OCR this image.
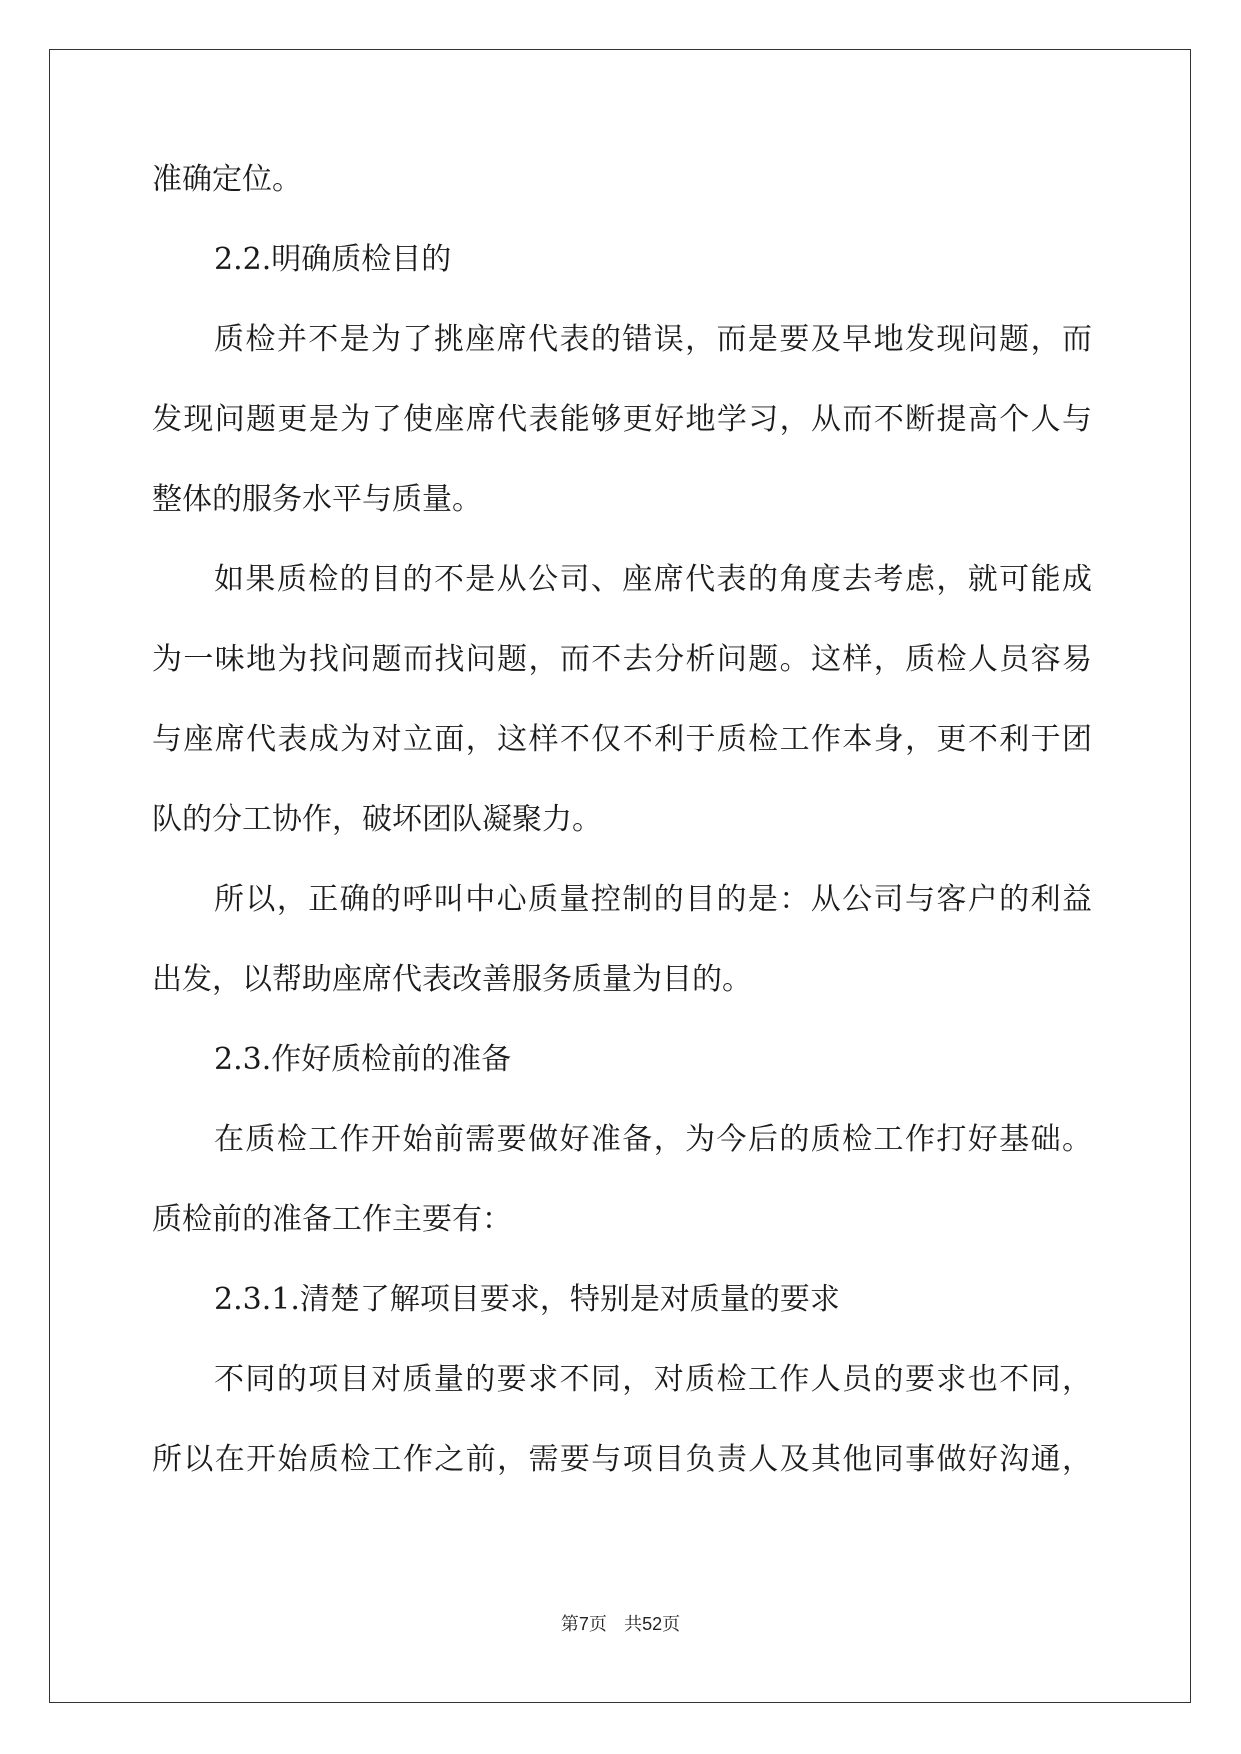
准确定位。
2.2.明确质检目的
质检并不是为了挑座席代表的错误，而是要及早地发现问题，而
发现问题更是为了使座席代表能够更好地学习，从而不断提高个人与
整体的服务水平与质量。
如果质检的目的不是从公司、座席代表的角度去考虑，就可能成
为一味地为找问题而找问题，而不去分析问题。这样，质检人员容易
与座席代表成为对立面，这样不仅不利于质检工作本身，更不利于团
队的分工协作，破坏团队凝聚力。
所以，正确的呼叫中心质量控制的目的是：从公司与客户的利益
出发，以帮助座席代表改善服务质量为目的。
2.3.作好质检前的准备
在质检工作开始前需要做好准备，为今后的质检工作打好基础。
质检前的准备工作主要有：
2.3.1.清楚了解项目要求，特别是对质量的要求
不同的项目对质量的要求不同，对质检工作人员的要求也不同，
所以在开始质检工作之前，需要与项目负责人及其他同事做好沟通，
第7页 共52页
